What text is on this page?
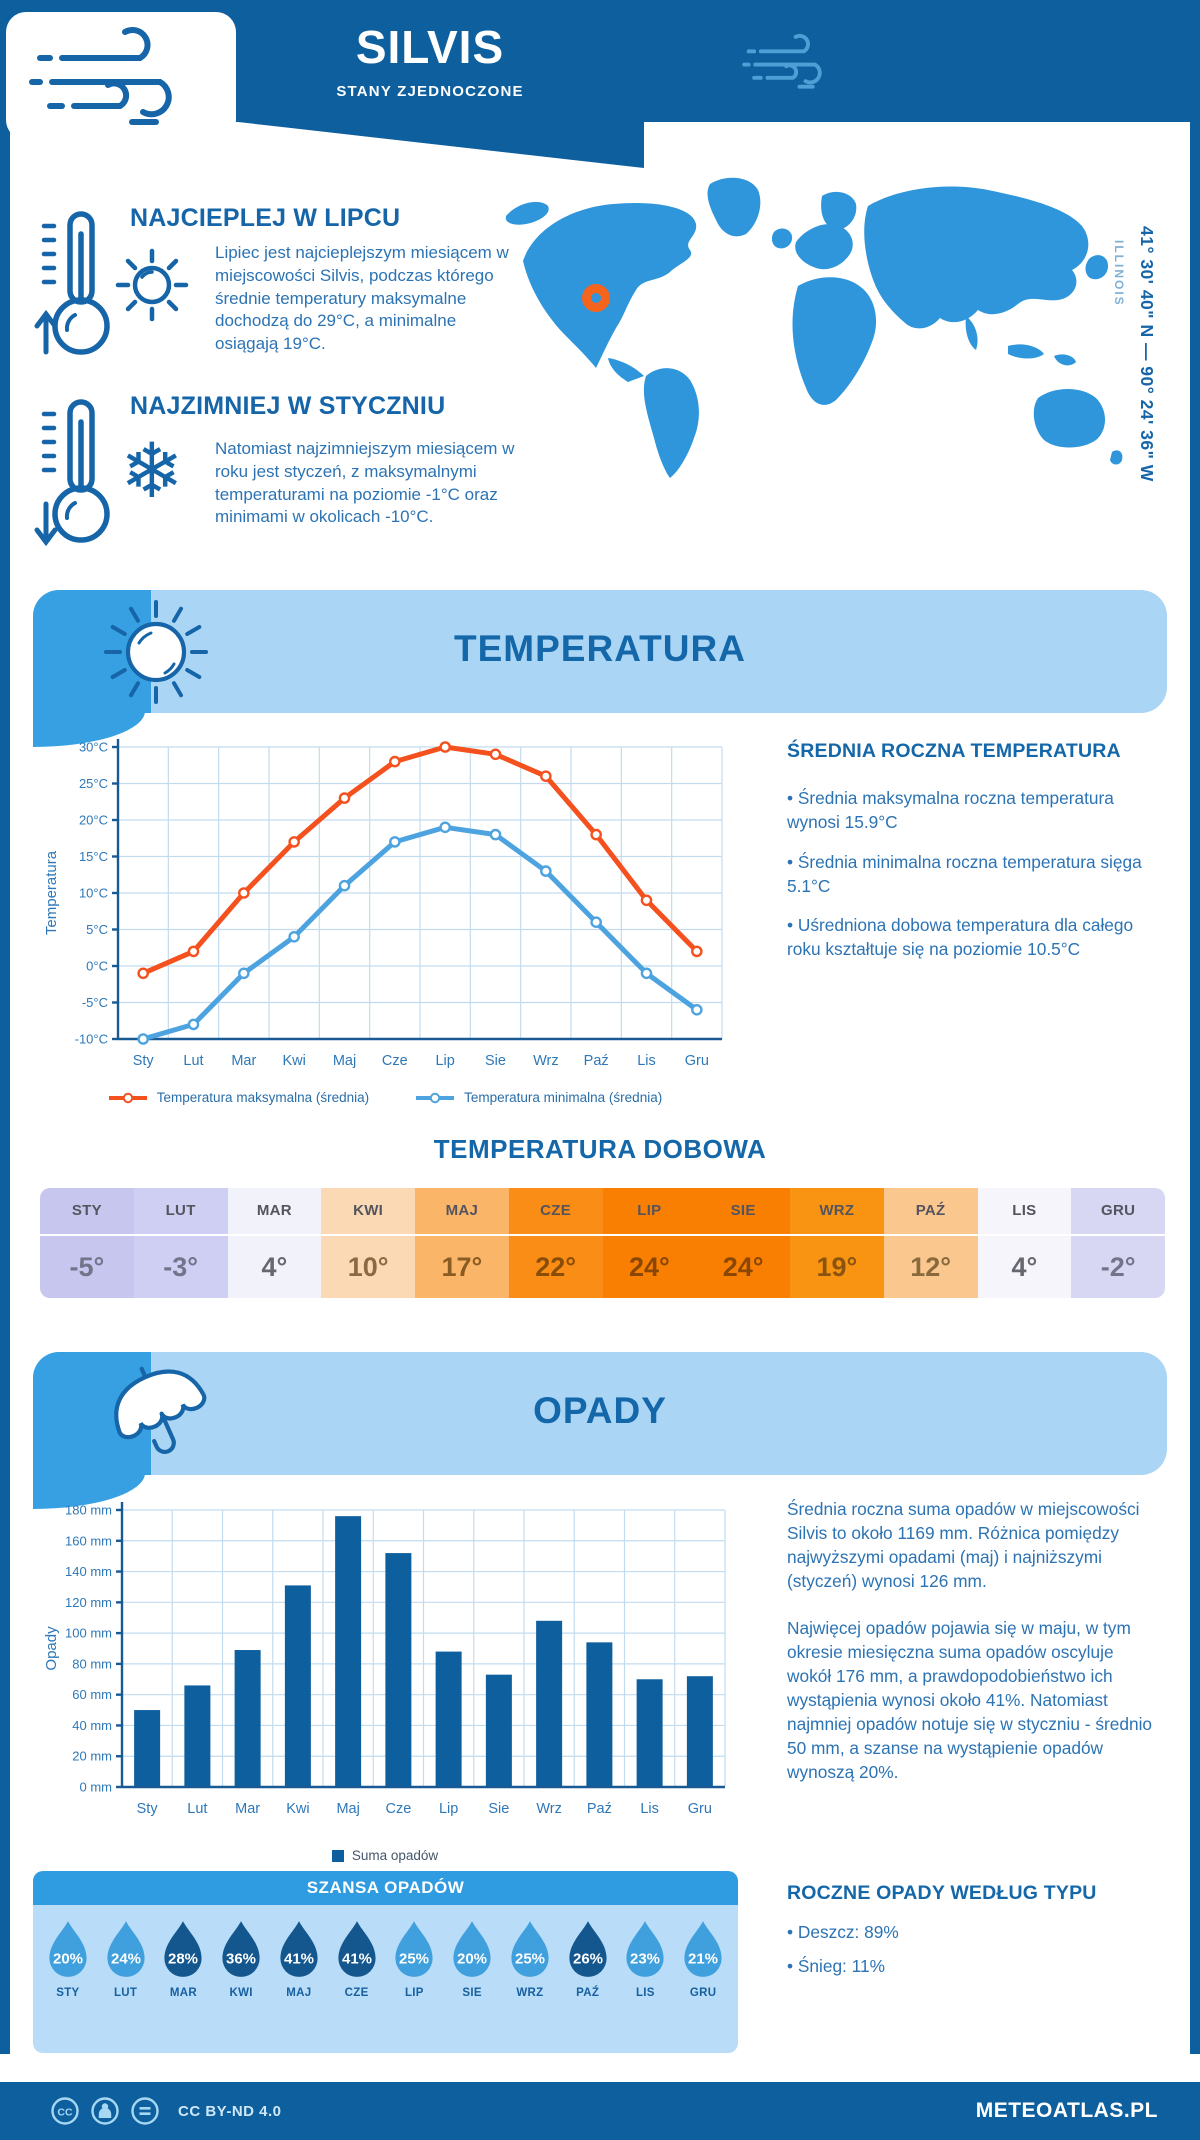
SILVIS
STANY ZJEDNOCZONE
NAJCIEPLEJ W LIPCU
Lipiec jest najcieplejszym miesiącem w miejscowości Silvis, podczas którego średnie temperatury maksymalne dochodzą do 29°C, a minimalne osiągają 19°C.
NAJZIMNIEJ W STYCZNIU
❄ Natomiast najzimniejszym miesiącem w roku jest styczeń, z maksymalnymi temperaturami na poziomie -1°C oraz minimami w okolicach -10°C.
41° 30' 40" N — 90° 24' 36" W
ILLINOIS
TEMPERATURA
30°C
25°C
20°C
15°C
10°C
5°C
0°C
-5°C
-10°C
Sty Lut Mar Kwi Maj Cze Lip Sie Wrz Paź Lis Gru
Temperatura
Temperatura maksymalna (średnia)	Temperatura minimalna (średnia)
ŚREDNIA ROCZNA TEMPERATURA

• Średnia maksymalna roczna temperatura wynosi 15.9°C

• Średnia minimalna roczna temperatura sięga 5.1°C

• Uśredniona dobowa temperatura dla całego roku kształtuje się na poziomie 10.5°C

TEMPERATURA DOBOWA
STY
-5°
LUT
-3°
MAR
4°
KWI
10°
MAJ
17°
CZE
22°
LIP
24°
SIE
24°
WRZ
19°
PAŹ
12°
LIS
4°
GRU
-2°
OPADY
180 mm
160 mm
140 mm
120 mm
100 mm
80 mm
60 mm
40 mm
20 mm
0 mm
Sty Lut Mar Kwi Maj Cze Lip Sie Wrz Paź Lis Gru
Opady
Suma opadów

Średnia roczna suma opadów w miejscowości Silvis to około 1169 mm. Różnica pomiędzy najwyższymi opadami (maj) i najniższymi (styczeń) wynosi 126 mm.

Najwięcej opadów pojawia się w maju, w tym okresie miesięczna suma opadów oscyluje wokół 176 mm, a prawdopodobieństwo ich wystąpienia wynosi około 41%. Natomiast najmniej opadów notuje się w styczniu - średnio 50 mm, a szanse na wystąpienie opadów wynoszą 20%.

ROCZNE OPADY WEDŁUG TYPU

• Deszcz: 89%

• Śnieg: 11%

SZANSA OPADÓW
20%
STY
24%
LUT
28%
MAR
36%
KWI
41%
MAJ
41%
CZE
25%
LIP
20%
SIE
25%
WRZ
26%
PAŹ
23%
LIS
21%
GRU
CC	CC BY-ND 4.0	METEOATLAS.PL
